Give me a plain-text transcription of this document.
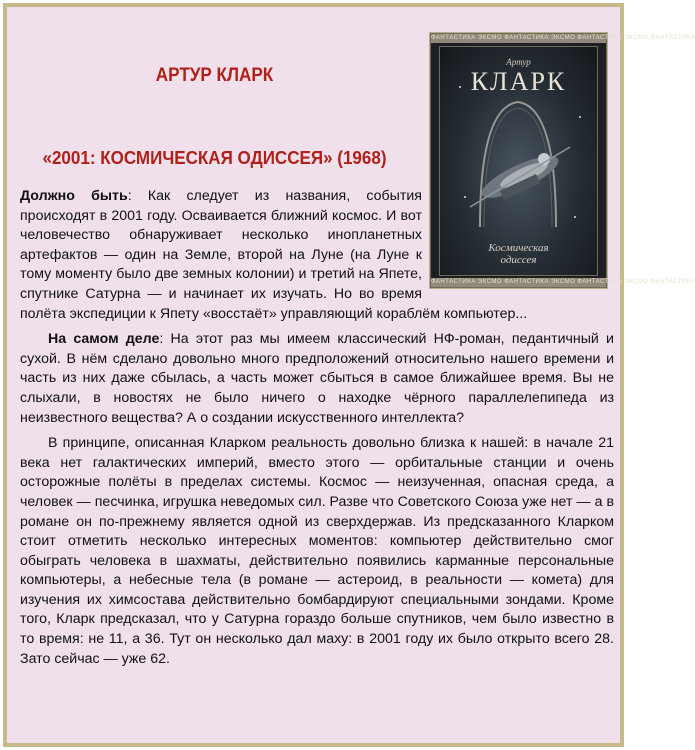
АРТУР КЛАРК
«2001: КОСМИЧЕСКАЯ ОДИССЕЯ» (1968)
ФАНТАСТИКА ЭКСМО ФАНТАСТИКА ЭКСМО ФАНТАСТИКА ЭКСМО ФАНТАСТИКА
Артур
КЛАРК
Космическая
одиссея
ФАНТАСТИКА ЭКСМО ФАНТАСТИКА ЭКСМО ФАНТАСТИКА ЭКСМО ФАНТАСТИКА

Должно быть: Как следует из названия, события происходят в 2001 году. Осваивается ближний космос. И вот человечество обнаруживает несколько инопланетных артефактов — один на Земле, второй на Луне (на Луне к тому моменту было две земных колонии) и третий на Япете, спутнике Сатурна — и начинает их изучать. Но во время полёта экспедиции к Япету «восстаёт» управляющий кораблём компьютер...

На самом деле: На этот раз мы имеем классический НФ-роман, педантичный и сухой. В нём сделано довольно много предположений относительно нашего времени и часть из них даже сбылась, а часть может сбыться в самое ближайшее время. Вы не слыхали, в новостях не было ничего о находке чёрного параллелепипеда из неизвестного вещества? А о создании искусственного интеллекта?

В принципе, описанная Кларком реальность довольно близка к нашей: в начале 21 века нет галактических империй, вместо этого — орбитальные станции и очень осторожные полёты в пределах системы. Космос — неизученная, опасная среда, а человек — песчинка, игрушка неведомых сил. Разве что Советского Союза уже нет — а в романе он по-прежнему является одной из сверхдержав. Из предсказанного Кларком стоит отметить несколько интересных моментов: компьютер действительно смог обыграть человека в шахматы, действительно появились карманные персональные компьютеры, а небесные тела (в романе — астероид, в реальности — комета) для изучения их химсостава действительно бомбардируют специальными зондами. Кроме того, Кларк предсказал, что у Сатурна гораздо больше спутников, чем было известно в то время: не 11, а 36. Тут он несколько дал маху: в 2001 году их было открыто всего 28. Зато сейчас — уже 62.
